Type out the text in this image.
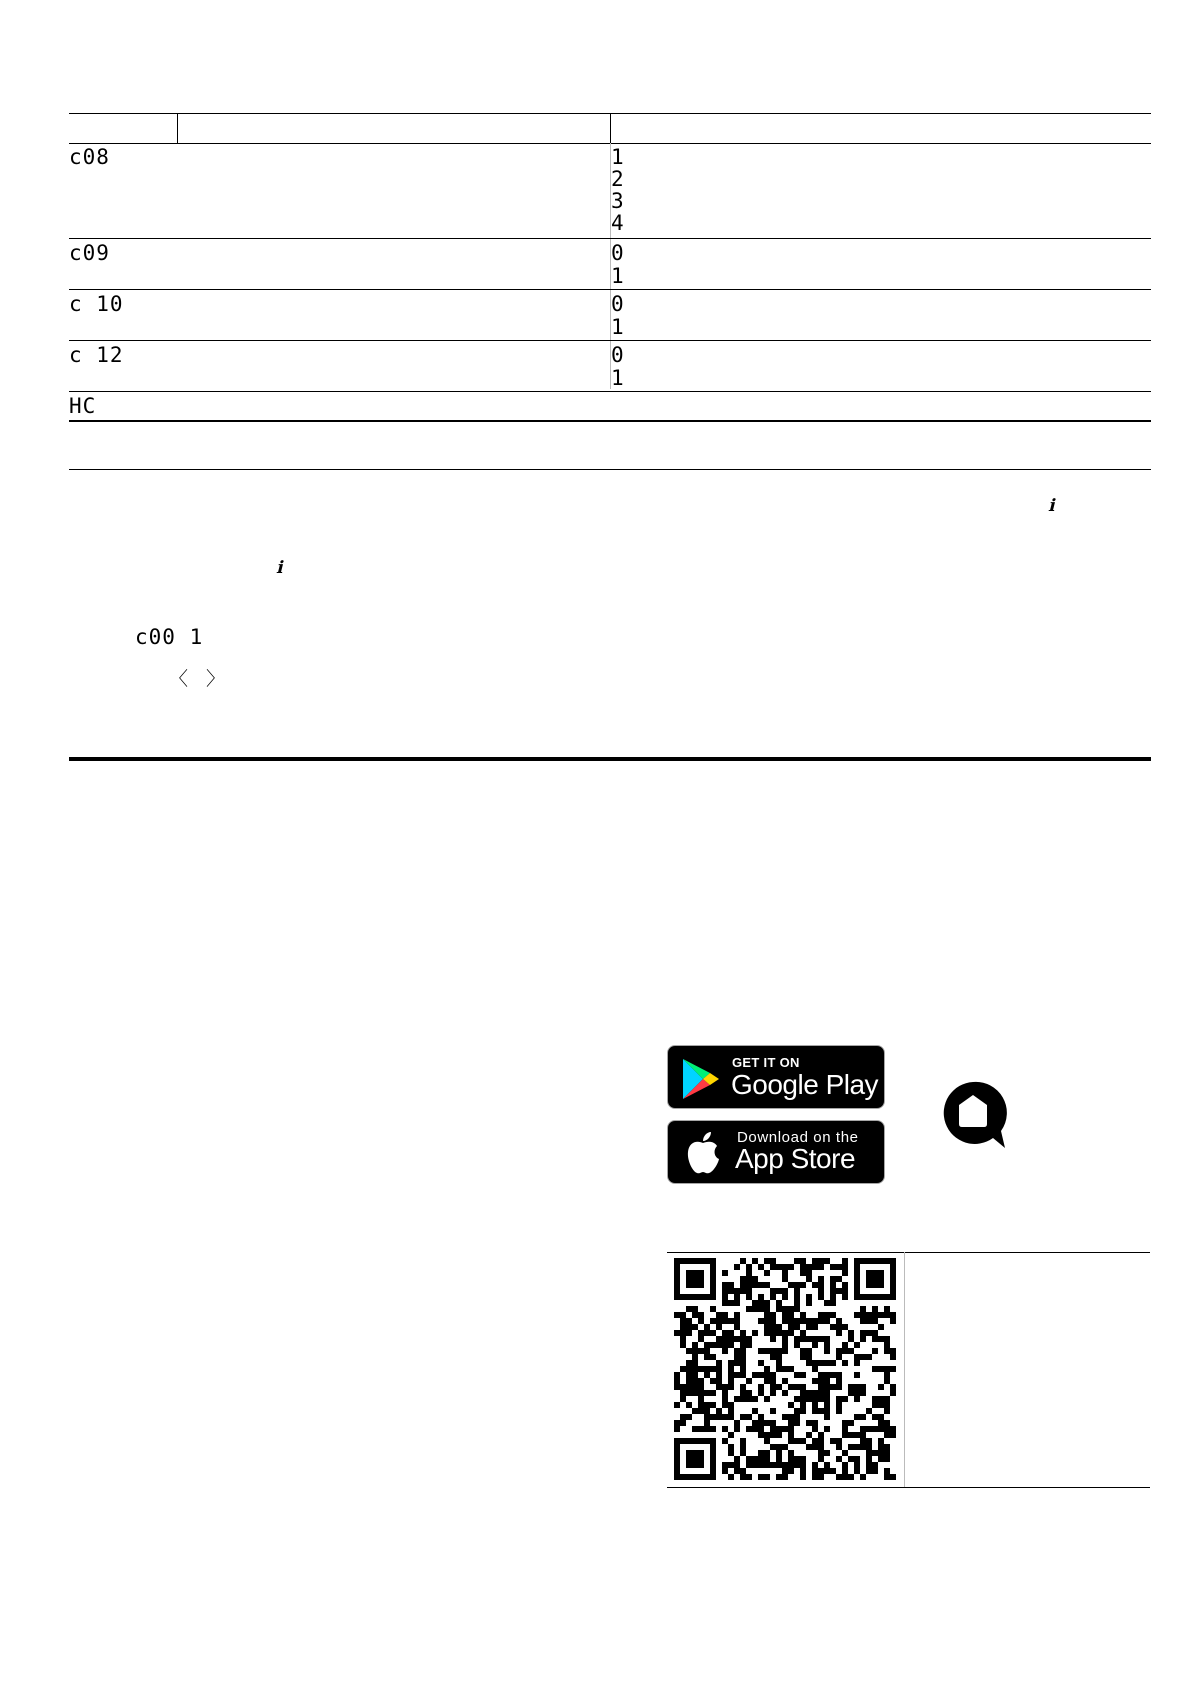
c08	1
2
3
4
c09	0
1
c 10	0
1
c 12	0
1
HC
ℹ
ℹ
c00 1
〈 〉
GET IT ON
Google Play
Download on the
App Store
